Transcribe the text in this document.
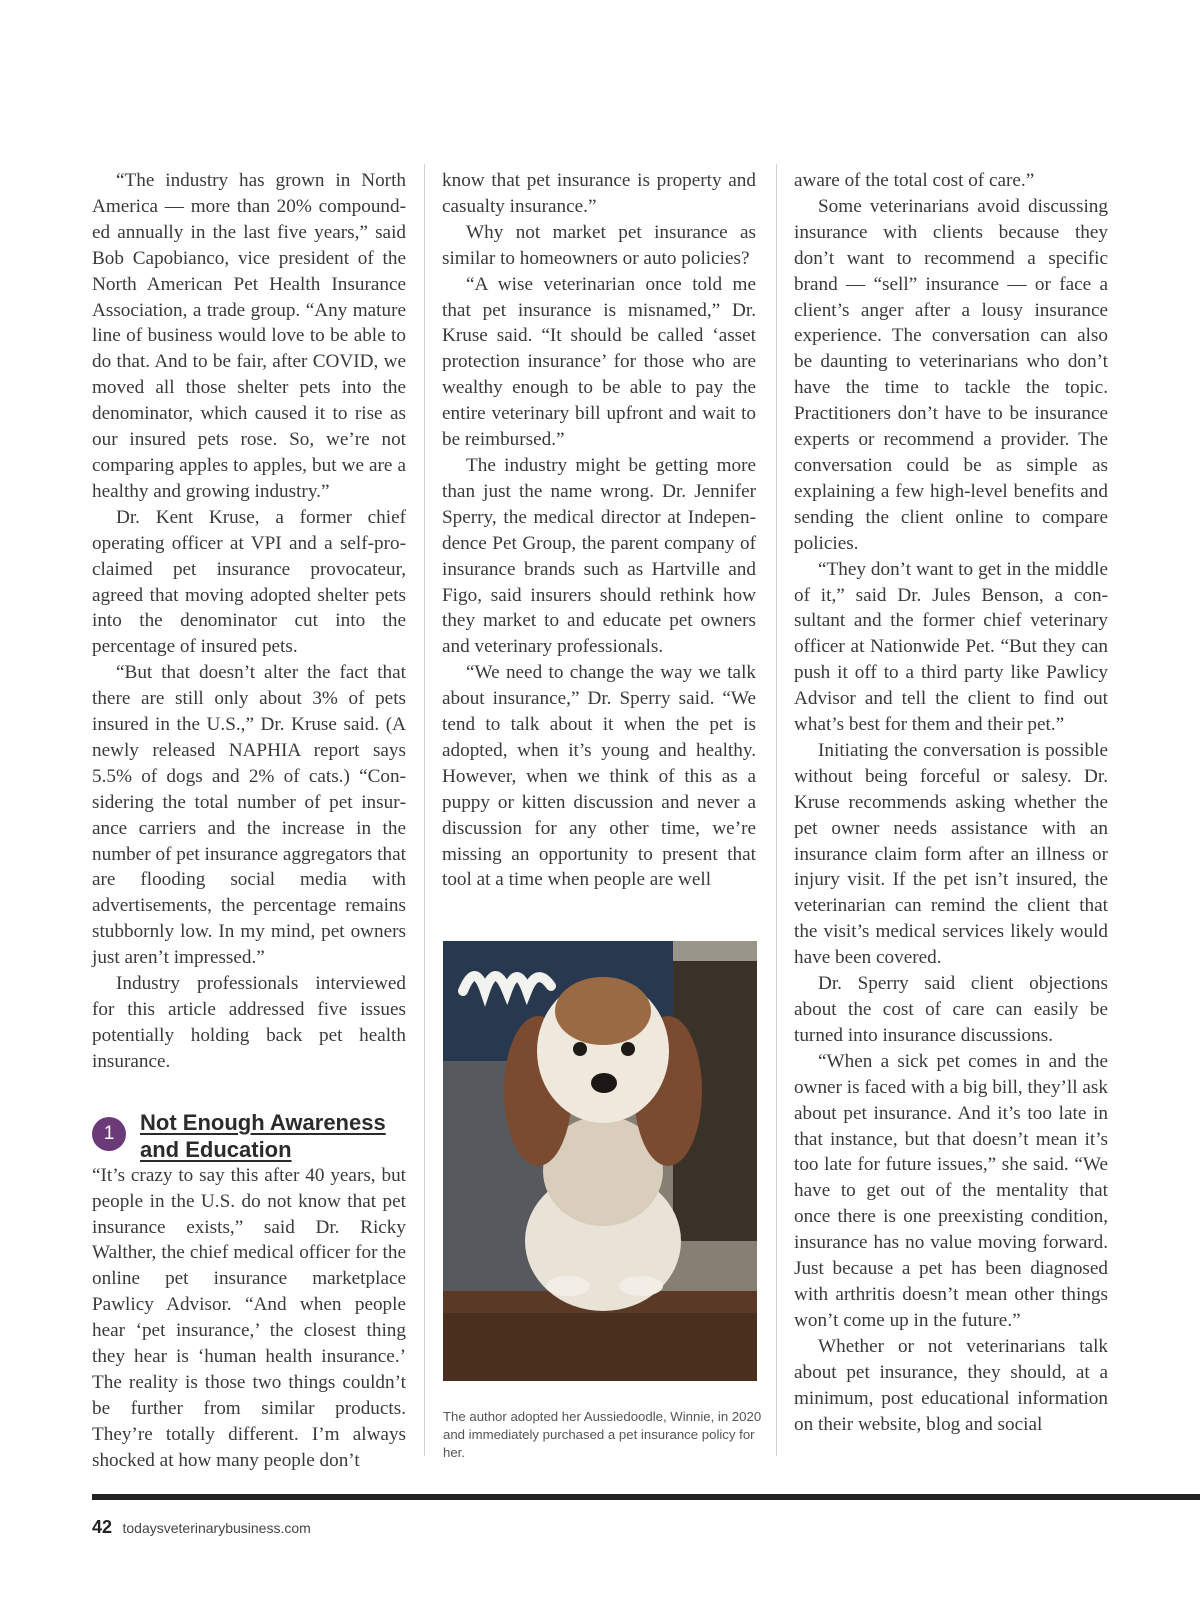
“The industry has grown in North America — more than 20% compounded annually in the last five years,” said Bob Capobianco, vice president of the North American Pet Health Insurance Association, a trade group. “Any mature line of business would love to be able to do that. And to be fair, after COVID, we moved all those shelter pets into the denominator, which caused it to rise as our insured pets rose. So, we’re not comparing apples to apples, but we are a healthy and growing industry.”

Dr. Kent Kruse, a former chief operating officer at VPI and a self-proclaimed pet insurance provocateur, agreed that moving adopted shelter pets into the denominator cut into the percentage of insured pets.

“But that doesn’t alter the fact that there are still only about 3% of pets insured in the U.S.,” Dr. Kruse said. (A newly released NAPHIA report says 5.5% of dogs and 2% of cats.) “Considering the total number of pet insurance carriers and the increase in the number of pet insurance aggregators that are flooding social media with advertisements, the percentage remains stubbornly low. In my mind, pet owners just aren’t impressed.”

Industry professionals interviewed for this article addressed five issues potentially holding back pet health insurance.

1	Not Enough Awareness
and Education

“It’s crazy to say this after 40 years, but people in the U.S. do not know that pet insurance exists,” said Dr. Ricky Walther, the chief medical officer for the online pet insurance marketplace Pawlicy Advisor. “And when people hear ‘pet insurance,’ the closest thing they hear is ‘human health insurance.’ The reality is those two things couldn’t be further from similar products. They’re totally different. I’m always shocked at how many people don’t

know that pet insurance is property and casualty insurance.”

Why not market pet insurance as similar to homeowners or auto policies?

“A wise veterinarian once told me that pet insurance is misnamed,” Dr. Kruse said. “It should be called ‘asset protection insurance’ for those who are wealthy enough to be able to pay the entire veterinary bill upfront and wait to be reimbursed.”

The industry might be getting more than just the name wrong. Dr. Jennifer Sperry, the medical director at Independence Pet Group, the parent company of insurance brands such as Hartville and Figo, said insurers should rethink how they market to and educate pet owners and veterinary professionals.

“We need to change the way we talk about insurance,” Dr. Sperry said. “We tend to talk about it when the pet is adopted, when it’s young and healthy. However, when we think of this as a puppy or kitten discussion and never a discussion for any other time, we’re missing an opportunity to present that tool at a time when people are well

The author adopted her Aussiedoodle, Winnie, in 2020 and immediately purchased a pet insurance policy for her.

aware of the total cost of care.”

Some veterinarians avoid discussing insurance with clients because they don’t want to recommend a specific brand — “sell” insurance — or face a client’s anger after a lousy insurance experience. The conversation can also be daunting to veterinarians who don’t have the time to tackle the topic. Practitioners don’t have to be insurance experts or recommend a provider. The conversation could be as simple as explaining a few high-level benefits and sending the client online to compare policies.

“They don’t want to get in the middle of it,” said Dr. Jules Benson, a consultant and the former chief veterinary officer at Nationwide Pet. “But they can push it off to a third party like Pawlicy Advisor and tell the client to find out what’s best for them and their pet.”

Initiating the conversation is possible without being forceful or salesy. Dr. Kruse recommends asking whether the pet owner needs assistance with an insurance claim form after an illness or injury visit. If the pet isn’t insured, the veterinarian can remind the client that the visit’s medical services likely would have been covered.

Dr. Sperry said client objections about the cost of care can easily be turned into insurance discussions.

“When a sick pet comes in and the owner is faced with a big bill, they’ll ask about pet insurance. And it’s too late in that instance, but that doesn’t mean it’s too late for future issues,” she said. “We have to get out of the mentality that once there is one preexisting condition, insurance has no value moving forward. Just because a pet has been diagnosed with arthritis doesn’t mean other things won’t come up in the future.”

Whether or not veterinarians talk about pet insurance, they should, at a minimum, post educational information on their website, blog and social

42 todaysveterinarybusiness.com
